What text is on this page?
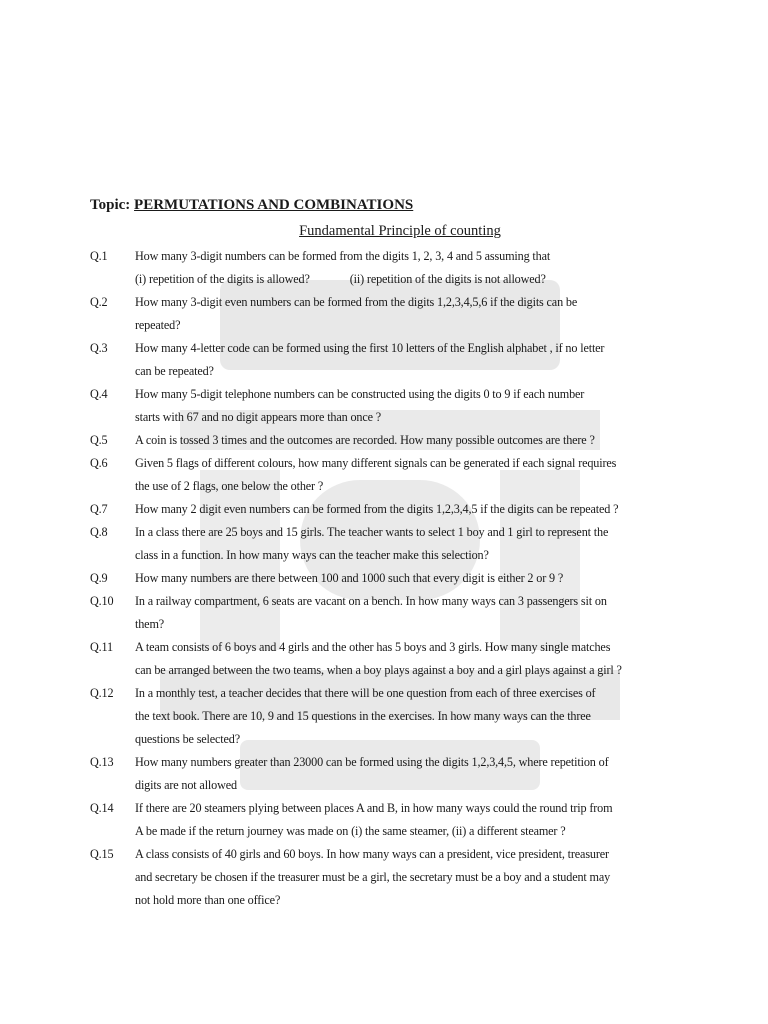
Topic: PERMUTATIONS AND COMBINATIONS
Fundamental Principle of counting
Q.1 How many 3-digit numbers can be formed from the digits 1, 2, 3, 4 and 5 assuming that
(i) repetition of the digits is allowed?	(ii) repetition of the digits is not allowed?
Q.2 How many 3-digit even numbers can be formed from the digits 1,2,3,4,5,6 if the digits can be
repeated?
Q.3 How many 4-letter code can be formed using the first 10 letters of the English alphabet , if no letter
can be repeated?
Q.4 How many 5-digit telephone numbers can be constructed using the digits 0 to 9 if each number
starts with 67 and no digit appears more than once ?
Q.5 A coin is tossed 3 times and the outcomes are recorded. How many possible outcomes are there ?
Q.6 Given 5 flags of different colours, how many different signals can be generated if each signal requires
the use of 2 flags, one below the other ?
Q.7 How many 2 digit even numbers can be formed from the digits 1,2,3,4,5 if the digits can be repeated ?
Q.8 In a class there are 25 boys and 15 girls. The teacher wants to select 1 boy and 1 girl to represent the
class in a function. In how many ways can the teacher make this selection?
Q.9 How many numbers are there between 100 and 1000 such that every digit is either 2 or 9 ?
Q.10 In a railway compartment, 6 seats are vacant on a bench. In how many ways can 3 passengers sit on
them?
Q.11 A team consists of 6 boys and 4 girls and the other has 5 boys and 3 girls. How many single matches
can be arranged between the two teams, when a boy plays against a boy and a girl plays against a girl ?
Q.12 In a monthly test, a teacher decides that there will be one question from each of three exercises of
the text book. There are 10, 9 and 15 questions in the exercises. In how many ways can the three
questions be selected?
Q.13 How many numbers greater than 23000 can be formed using the digits 1,2,3,4,5, where repetition of
digits are not allowed
Q.14 If there are 20 steamers plying between places A and B, in how many ways could the round trip from
A be made if the return journey was made on (i) the same steamer, (ii) a different steamer ?
Q.15 A class consists of 40 girls and 60 boys. In how many ways can a president, vice president, treasurer
and secretary be chosen if the treasurer must be a girl, the secretary must be a boy and a student may
not hold more than one office?
